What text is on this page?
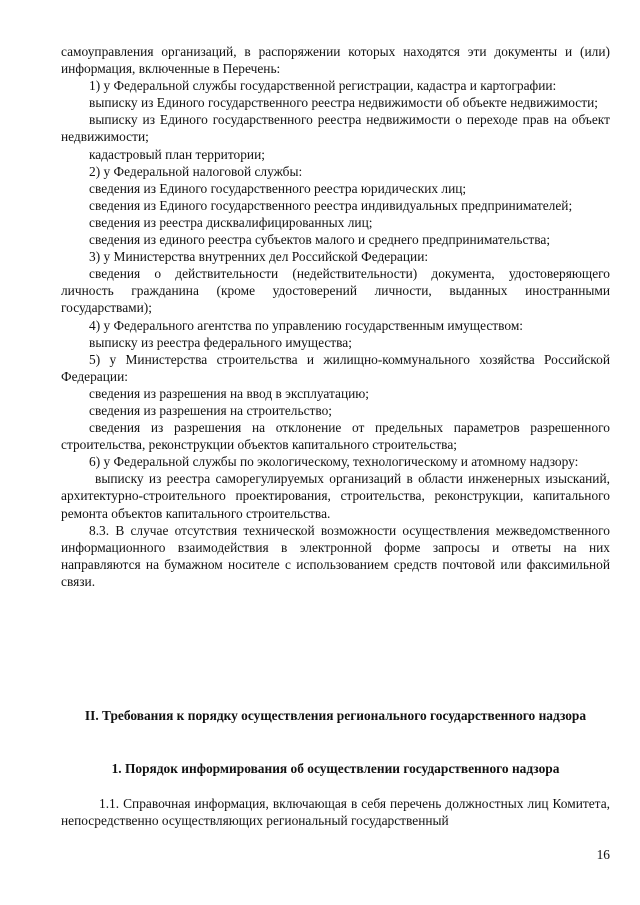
самоуправления организаций, в распоряжении которых находятся эти документы и (или) информация, включенные в Перечень:

1) у Федеральной службы государственной регистрации, кадастра и картографии:

выписку из Единого государственного реестра недвижимости об объекте недвижимости;

выписку из Единого государственного реестра недвижимости о переходе прав на объект недвижимости;

кадастровый план территории;

2) у Федеральной налоговой службы:

сведения из Единого государственного реестра юридических лиц;

сведения из Единого государственного реестра индивидуальных предпринимателей;

сведения из реестра дисквалифицированных лиц;

сведения из единого реестра субъектов малого и среднего предпринимательства;

3) у Министерства внутренних дел Российской Федерации:

сведения о действительности (недействительности) документа, удостоверяющего личность гражданина (кроме удостоверений личности, выданных иностранными государствами);

4) у Федерального агентства по управлению государственным имуществом:

выписку из реестра федерального имущества;

5) у Министерства строительства и жилищно-коммунального хозяйства Российской Федерации:

сведения из разрешения на ввод в эксплуатацию;

сведения из разрешения на строительство;

сведения из разрешения на отклонение от предельных параметров разрешенного строительства, реконструкции объектов капитального строительства;

6) у Федеральной службы по экологическому, технологическому и атомному надзору:

выписку из реестра саморегулируемых организаций в области инженерных изысканий, архитектурно-строительного проектирования, строительства, реконструкции, капитального ремонта объектов капитального строительства.

8.3. В случае отсутствия технической возможности осуществления межведомственного информационного взаимодействия в электронной форме запросы и ответы на них направляются на бумажном носителе с использованием средств почтовой или факсимильной связи.

II. Требования к порядку осуществления регионального государственного надзора

1. Порядок информирования об осуществлении государственного надзора

1.1. Справочная информация, включающая в себя перечень должностных лиц Комитета, непосредственно осуществляющих региональный государственный

16
